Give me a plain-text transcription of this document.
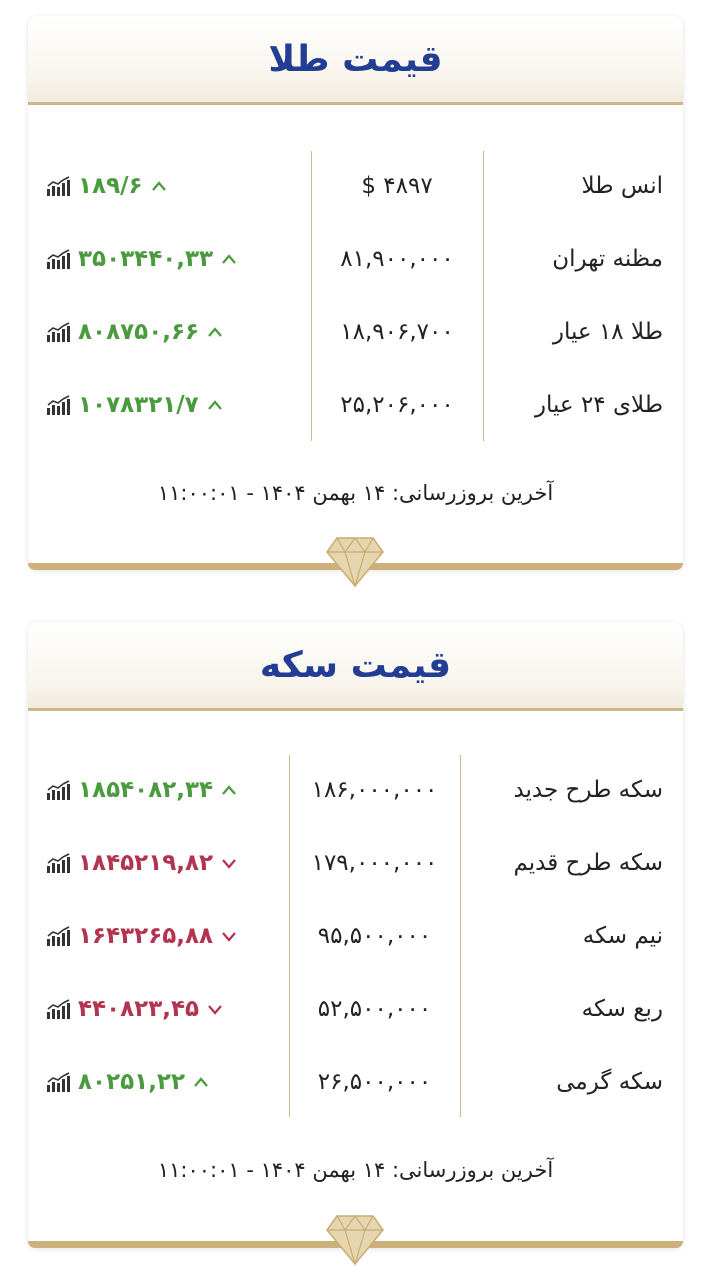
قیمت طلا
انس طلا
$ ۴۸۹۷
۱۸۹/۶
مظنه تهران
۸۱,۹۰۰,۰۰۰
۳۵۰۳۴۴۰,۳۳
طلا ۱۸ عیار
۱۸,۹۰۶,۷۰۰
۸۰۸۷۵۰,۶۶
طلای ۲۴ عیار
۲۵,۲۰۶,۰۰۰
۱۰۷۸۳۲۱/۷
آخرین بروزرسانی: ۱۴ بهمن ۱۴۰۴ - ۱۱:۰۰:۰۱
قیمت سکه
سکه طرح جدید
۱۸۶,۰۰۰,۰۰۰
۱۸۵۴۰۸۲,۳۴
سکه طرح قدیم
۱۷۹,۰۰۰,۰۰۰
۱۸۴۵۲۱۹,۸۲
نیم سکه
۹۵,۵۰۰,۰۰۰
۱۶۴۳۲۶۵,۸۸
ربع سکه
۵۲,۵۰۰,۰۰۰
۴۴۰۸۲۳,۴۵
سکه گرمی
۲۶,۵۰۰,۰۰۰
۸۰۲۵۱,۲۲
آخرین بروزرسانی: ۱۴ بهمن ۱۴۰۴ - ۱۱:۰۰:۰۱
